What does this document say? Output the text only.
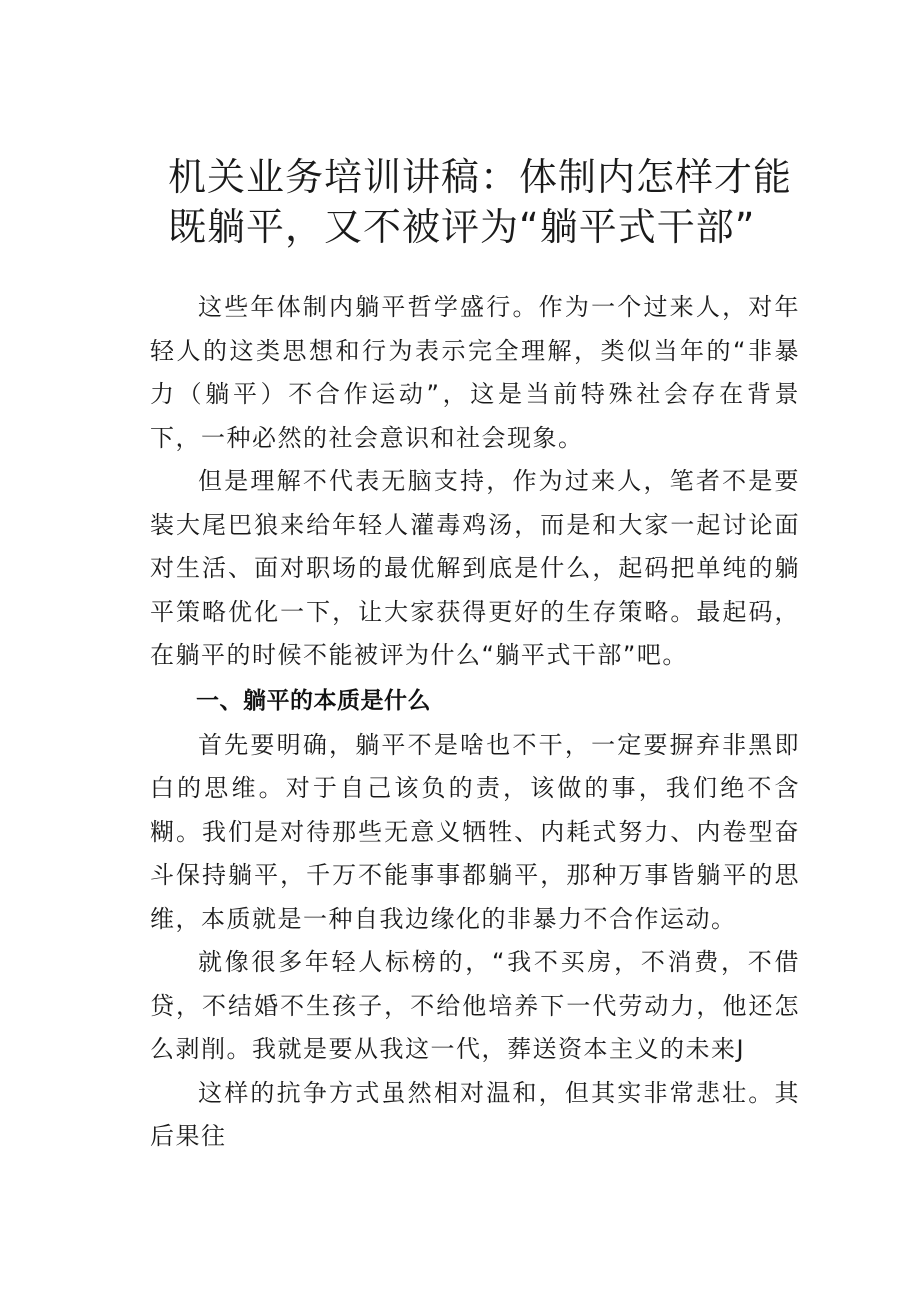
机关业务培训讲稿：体制内怎样才能既躺平，又不被评为“躺平式干部”

这些年体制内躺平哲学盛行。作为一个过来人，对年轻人的这类思想和行为表示完全理解，类似当年的“非暴力（躺平）不合作运动”，这是当前特殊社会存在背景下，一种必然的社会意识和社会现象。

但是理解不代表无脑支持，作为过来人，笔者不是要装大尾巴狼来给年轻人灌毒鸡汤，而是和大家一起讨论面对生活、面对职场的最优解到底是什么，起码把单纯的躺平策略优化一下，让大家获得更好的生存策略。最起码，在躺平的时候不能被评为什么“躺平式干部”吧。

一、躺平的本质是什么

首先要明确，躺平不是啥也不干，一定要摒弃非黑即白的思维。对于自己该负的责，该做的事，我们绝不含糊。我们是对待那些无意义牺牲、内耗式努力、内卷型奋斗保持躺平，千万不能事事都躺平，那种万事皆躺平的思维，本质就是一种自我边缘化的非暴力不合作运动。

就像很多年轻人标榜的，“我不买房，不消费，不借贷，不结婚不生孩子，不给他培养下一代劳动力，他还怎么剥削。我就是要从我这一代，葬送资本主义的未来J

这样的抗争方式虽然相对温和，但其实非常悲壮。其后果往
